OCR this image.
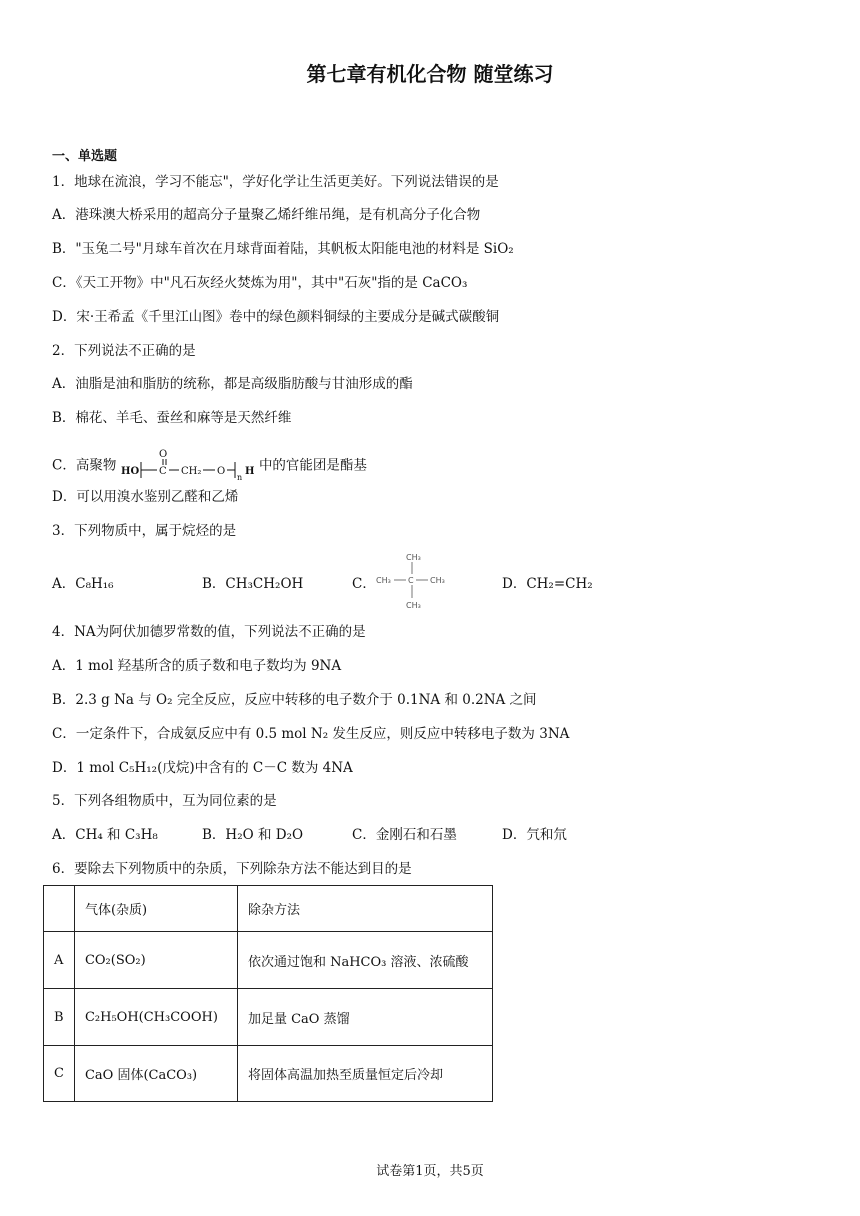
第七章有机化合物 随堂练习
一、单选题
1．地球在流浪，学习不能忘"，学好化学让生活更美好。下列说法错误的是
A．港珠澳大桥采用的超高分子量聚乙烯纤维吊绳，是有机高分子化合物
B．"玉兔二号"月球车首次在月球背面着陆，其帆板太阳能电池的材料是 SiO₂
C．《天工开物》中"凡石灰经火焚炼为用"，其中"石灰"指的是 CaCO₃
D．宋·王希孟《千里江山图》卷中的绿色颜料铜绿的主要成分是碱式碳酸铜
2．下列说法不正确的是
A．油脂是油和脂肪的统称，都是高级脂肪酸与甘油形成的酯
B．棉花、羊毛、蚕丝和麻等是天然纤维
C．高聚物 HO C
O
CH₂ O
n
H 中的官能团是酯基
D．可以用溴水鉴别乙醛和乙烯
3．下列物质中，属于烷烃的是
A．C₈H₁₆	B．CH₃CH₂OH	C．
CH₃
CH₃ C CH₃
CH₃
D．CH₂=CH₂
4．NA为阿伏加德罗常数的值，下列说法不正确的是
A．1 mol 羟基所含的质子数和电子数均为 9NA
B．2.3 g Na 与 O₂ 完全反应，反应中转移的电子数介于 0.1NA 和 0.2NA 之间
C．一定条件下，合成氨反应中有 0.5 mol N₂ 发生反应，则反应中转移电子数为 3NA
D．1 mol C₅H₁₂(戊烷)中含有的 C－C 数为 4NA
5．下列各组物质中，互为同位素的是
A．CH₄ 和 C₃H₈	B．H₂O 和 D₂O	C．金刚石和石墨	D．氕和氘
6．要除去下列物质中的杂质，下列除杂方法不能达到目的是
	气体(杂质)	除杂方法
A	CO₂(SO₂)	依次通过饱和 NaHCO₃ 溶液、浓硫酸
B	C₂H₅OH(CH₃COOH)	加足量 CaO 蒸馏
C	CaO 固体(CaCO₃)	将固体高温加热至质量恒定后冷却
试卷第1页，共5页
